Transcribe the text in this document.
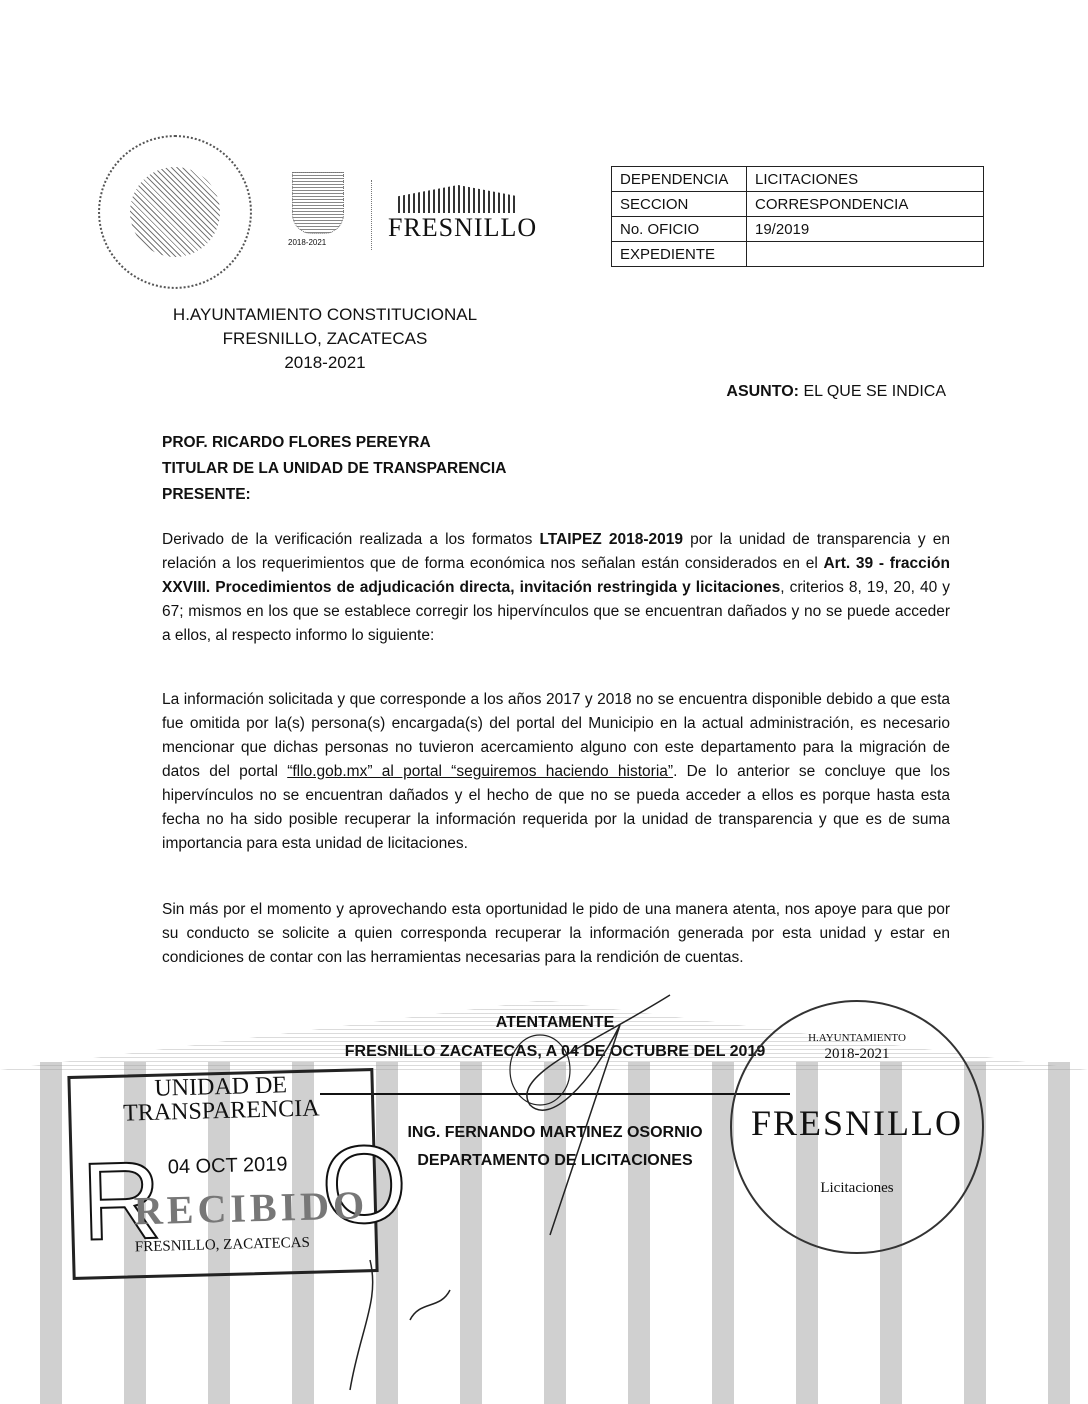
2018-2021
FRESNILLO
DEPENDENCIA	LICITACIONES
SECCION	CORRESPONDENCIA
No. OFICIO	19/2019
EXPEDIENTE	
H.AYUNTAMIENTO CONSTITUCIONAL
FRESNILLO, ZACATECAS
2018-2021
ASUNTO: EL QUE SE INDICA
PROF. RICARDO FLORES PEREYRA
TITULAR DE LA UNIDAD DE TRANSPARENCIA
PRESENTE:
Derivado de la verificación realizada a los formatos LTAIPEZ 2018-2019 por la unidad de transparencia y en relación a los requerimientos que de forma económica nos señalan están considerados en el Art. 39 - fracción XXVIII. Procedimientos de adjudicación directa, invitación restringida y licitaciones, criterios 8, 19, 20, 40 y 67; mismos en los que se establece corregir los hipervínculos que se encuentran dañados y no se puede acceder a ellos, al respecto informo lo siguiente:
La información solicitada y que corresponde a los años 2017 y 2018 no se encuentra disponible debido a que esta fue omitida por la(s) persona(s) encargada(s) del portal del Municipio en la actual administración, es necesario mencionar que dichas personas no tuvieron acercamiento alguno con este departamento para la migración de datos del portal “fllo.gob.mx” al portal “seguiremos haciendo historia”. De lo anterior se concluye que los hipervínculos no se encuentran dañados y el hecho de que no se pueda acceder a ellos es porque hasta esta fecha no ha sido posible recuperar la información requerida por la unidad de transparencia y que es de suma importancia para esta unidad de licitaciones.
Sin más por el momento y aprovechando esta oportunidad le pido de una manera atenta, nos apoye para que por su conducto se solicite a quien corresponda recuperar la información generada por esta unidad y estar en condiciones de contar con las herramientas necesarias para la rendición de cuentas.
ATENTAMENTE
FRESNILLO ZACATECAS, A 04 DE OCTUBRE DEL 2019
ING. FERNANDO MARTINEZ OSORNIO
DEPARTAMENTO DE LICITACIONES
UNIDAD DE TRANSPARENCIA
R O
04 OCT 2019
RECIBIDO
FRESNILLO, ZACATECAS
H.AYUNTAMIENTO
2018-2021
FRESNILLO
Licitaciones
